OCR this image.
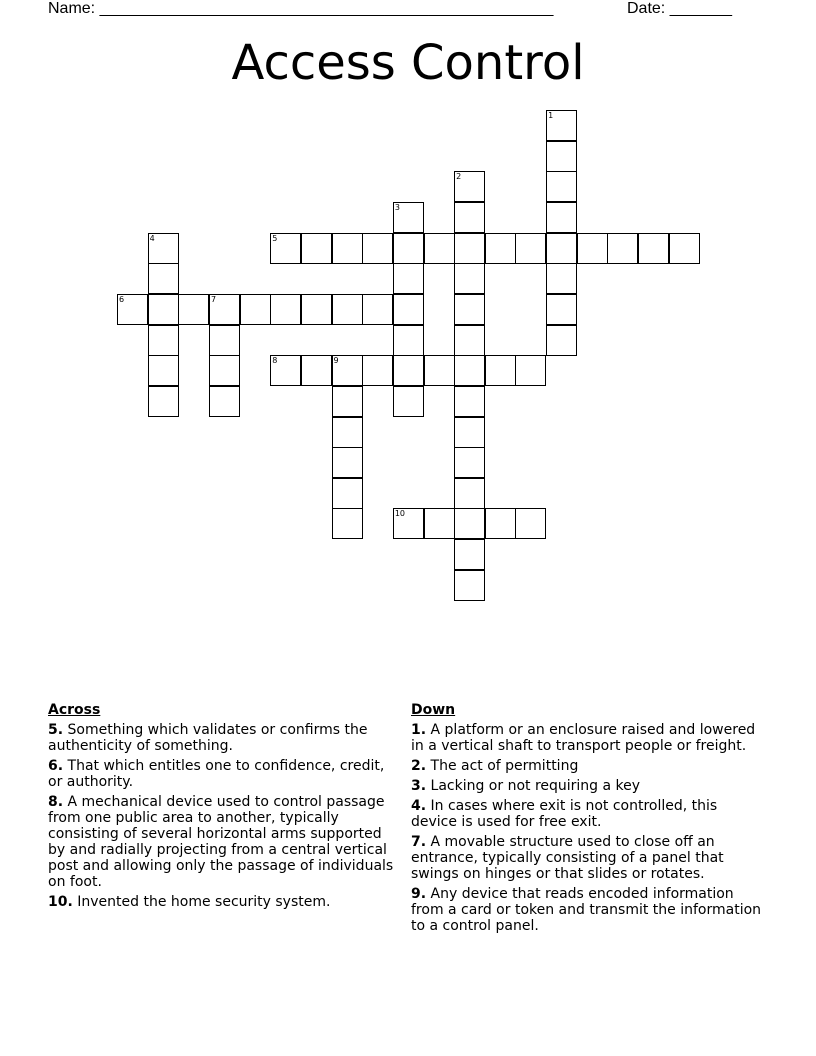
Name: ___________________________________________________	Date: _______
Access Control
1
2
3
4	5
6	7
8	9
10
Across
5. Something which validates or confirms the authenticity of something.
6. That which entitles one to confidence, credit, or authority.
8. A mechanical device used to control passage from one public area to another, typically consisting of several horizontal arms supported by and radially projecting from a central vertical post and allowing only the passage of individuals on foot.
10. Invented the home security system.
Down
1. A platform or an enclosure raised and lowered in a vertical shaft to transport people or freight.
2. The act of permitting
3. Lacking or not requiring a key
4. In cases where exit is not controlled, this device is used for free exit.
7. A movable structure used to close off an entrance, typically consisting of a panel that swings on hinges or that slides or rotates.
9. Any device that reads encoded information from a card or token and transmit the information to a control panel.
